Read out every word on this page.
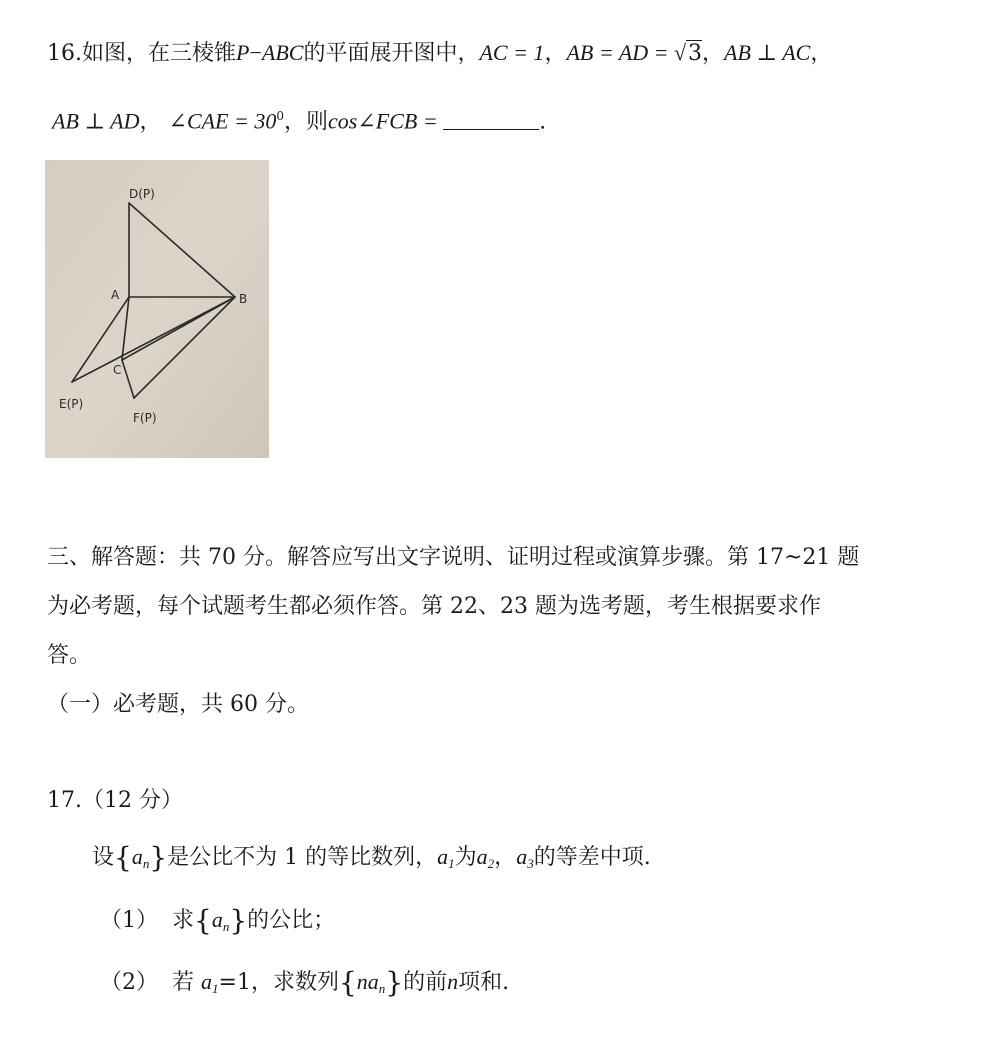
16.如图，在三棱锥P−ABC的平面展开图中，AC = 1，AB = AD = √3，AB ⊥ AC，
AB ⊥ AD， ∠CAE = $30^0$，则cos∠FCB =	.
D(P)
A	B
C
E(P)
F(P)
三、解答题：共 70 分。解答应写出文字说明、证明过程或演算步骤。第 17~21 题
为必考题，每个试题考生都必须作答。第 22、23 题为选考题，考生根据要求作
答。
（一）必考题，共 60 分。
17.（12 分）
设$\{a_n\}$是公比不为 1 的等比数列，$a_1$为$a_2$，$a_3$的等差中项.
（1） 求$\{a_n\}$的公比；
（2） 若 $a_1=1$，求数列$\{na_n\}$的前n项和.
